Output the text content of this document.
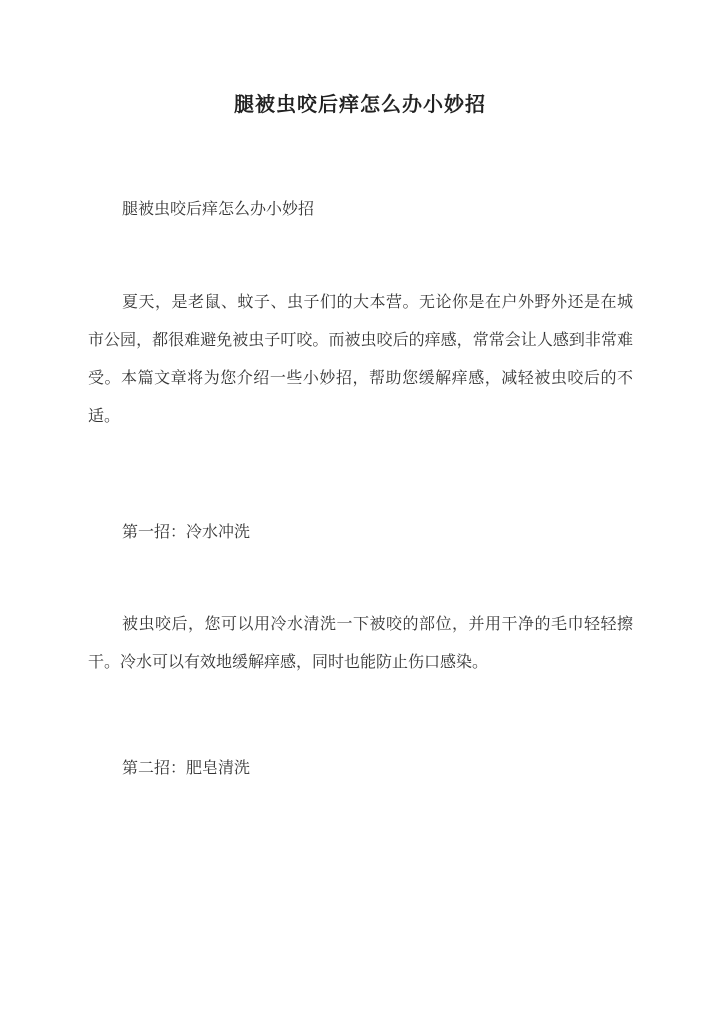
腿被虫咬后痒怎么办小妙招
腿被虫咬后痒怎么办小妙招
夏天，是老鼠、蚊子、虫子们的大本营。无论你是在户外野外还是在城市公园，都很难避免被虫子叮咬。而被虫咬后的痒感，常常会让人感到非常难受。本篇文章将为您介绍一些小妙招，帮助您缓解痒感，减轻被虫咬后的不适。
第一招：冷水冲洗
被虫咬后，您可以用冷水清洗一下被咬的部位，并用干净的毛巾轻轻擦干。冷水可以有效地缓解痒感，同时也能防止伤口感染。
第二招：肥皂清洗
